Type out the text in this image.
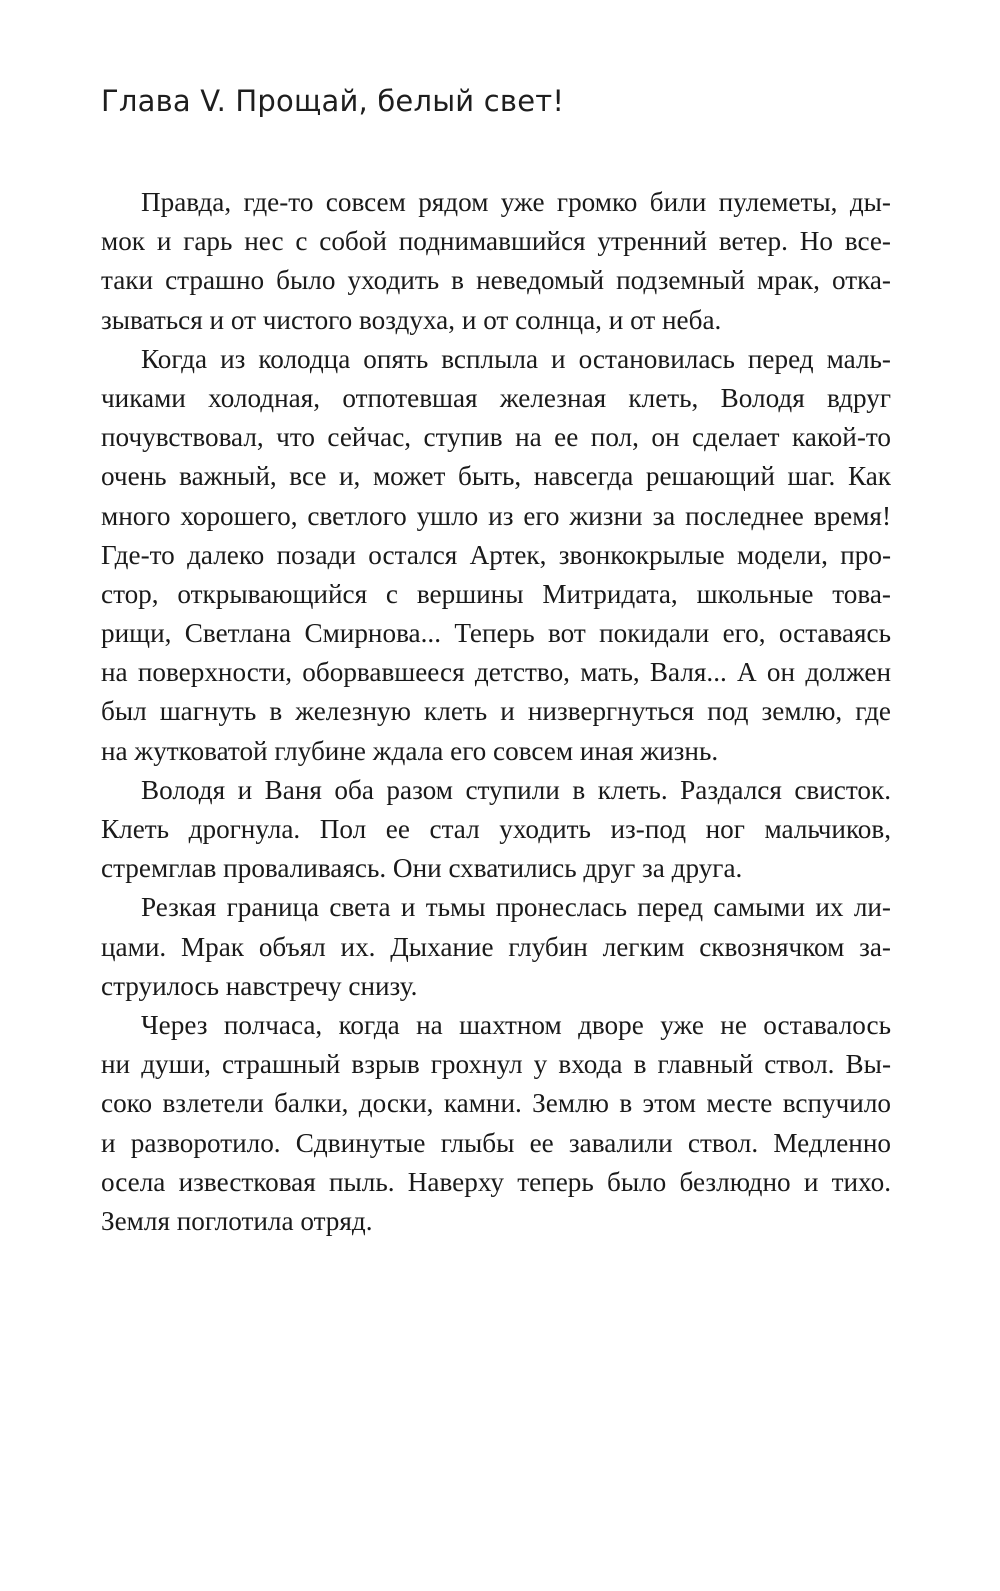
Глава V. Прощай, белый свет!
Правда, где-то совсем рядом уже громко били пулеметы, ды-
мок и гарь нес с собой поднимавшийся утренний ветер. Но все-
таки страшно было уходить в неведомый подземный мрак, отка-
зываться и от чистого воздуха, и от солнца, и от неба.
Когда из колодца опять всплыла и остановилась перед маль-
чиками холодная, отпотевшая железная клеть, Володя вдруг
почувствовал, что сейчас, ступив на ее пол, он сделает какой-то
очень важный, все и, может быть, навсегда решающий шаг. Как
много хорошего, светлого ушло из его жизни за последнее время!
Где-то далеко позади остался Артек, звонкокрылые модели, про-
стор, открывающийся с вершины Митридата, школьные това-
рищи, Светлана Смирнова... Теперь вот покидали его, оставаясь
на поверхности, оборвавшееся детство, мать, Валя... А он должен
был шагнуть в железную клеть и низвергнуться под землю, где
на жутковатой глубине ждала его совсем иная жизнь.
Володя и Ваня оба разом ступили в клеть. Раздался свисток.
Клеть дрогнула. Пол ее стал уходить из-под ног мальчиков,
стремглав проваливаясь. Они схватились друг за друга.
Резкая граница света и тьмы пронеслась перед самыми их ли-
цами. Мрак объял их. Дыхание глубин легким сквознячком за-
струилось навстречу снизу.
Через полчаса, когда на шахтном дворе уже не оставалось
ни души, страшный взрыв грохнул у входа в главный ствол. Вы-
соко взлетели балки, доски, камни. Землю в этом месте вспучило
и разворотило. Сдвинутые глыбы ее завалили ствол. Медленно
осела известковая пыль. Наверху теперь было безлюдно и тихо.
Земля поглотила отряд.
